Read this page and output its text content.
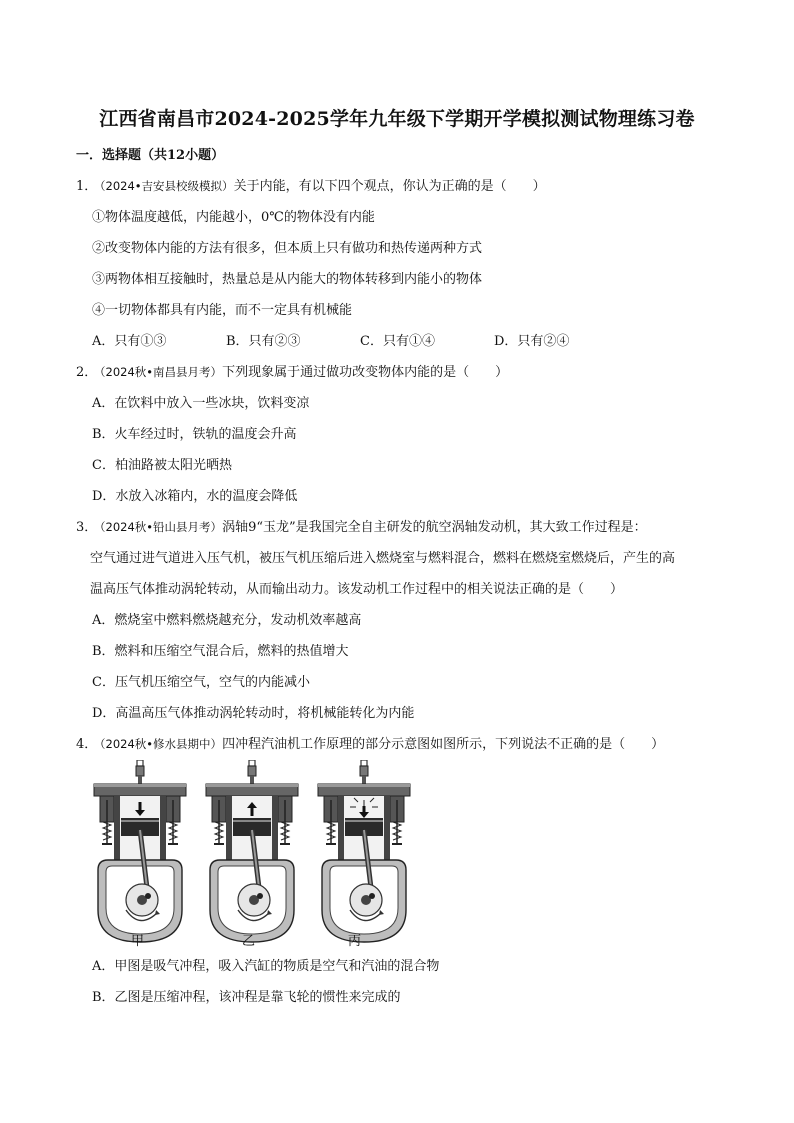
江西省南昌市2024-2025学年九年级下学期开学模拟测试物理练习卷
一．选择题（共12小题）
1．（2024•吉安县校级模拟）关于内能，有以下四个观点，你认为正确的是（　　）
①物体温度越低，内能越小，0℃的物体没有内能
②改变物体内能的方法有很多，但本质上只有做功和热传递两种方式
③两物体相互接触时，热量总是从内能大的物体转移到内能小的物体
④一切物体都具有内能，而不一定具有机械能
A．只有①③	B．只有②③	C．只有①④	D．只有②④
2．（2024秋•南昌县月考）下列现象属于通过做功改变物体内能的是（　　）
A．在饮料中放入一些冰块，饮料变凉
B．火车经过时，铁轨的温度会升高
C．柏油路被太阳光晒热
D．水放入冰箱内，水的温度会降低
3．（2024秋•铅山县月考）涡轴9“玉龙”是我国完全自主研发的航空涡轴发动机，其大致工作过程是：
空气通过进气道进入压气机，被压气机压缩后进入燃烧室与燃料混合，燃料在燃烧室燃烧后，产生的高
温高压气体推动涡轮转动，从而输出动力。该发动机工作过程中的相关说法正确的是（　　）
A．燃烧室中燃料燃烧越充分，发动机效率越高
B．燃料和压缩空气混合后，燃料的热值增大
C．压气机压缩空气，空气的内能减小
D．高温高压气体推动涡轮转动时，将机械能转化为内能
4．（2024秋•修水县期中）四冲程汽油机工作原理的部分示意图如图所示，下列说法不正确的是（　　）
甲	乙	丙
A．甲图是吸气冲程，吸入汽缸的物质是空气和汽油的混合物
B．乙图是压缩冲程，该冲程是靠飞轮的惯性来完成的
